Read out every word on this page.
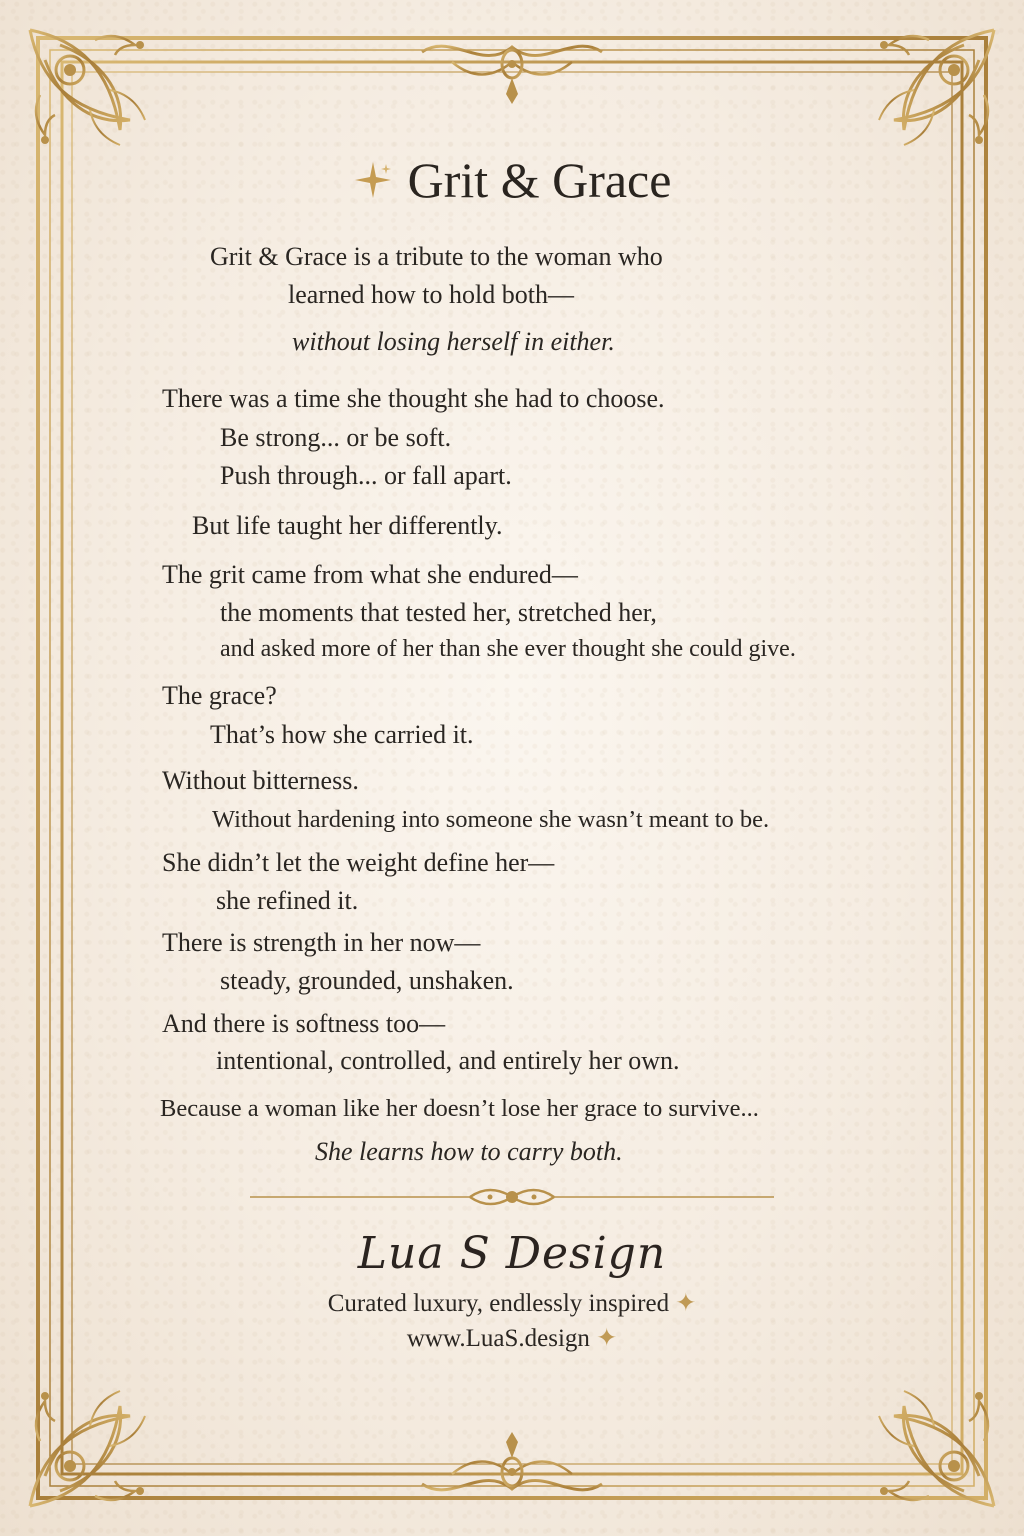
Grit & Grace
Grit & Grace is a tribute to the woman who
learned how to hold both—
without losing herself in either.
There was a time she thought she had to choose.
Be strong... or be soft.
Push through... or fall apart.
But life taught her differently.
The grit came from what she endured—
the moments that tested her, stretched her,
and asked more of her than she ever thought she could give.
The grace?
That’s how she carried it.
Without bitterness.
Without hardening into someone she wasn’t meant to be.
She didn’t let the weight define her—
she refined it.
There is strength in her now—
steady, grounded, unshaken.
And there is softness too—
intentional, controlled, and entirely her own.
Because a woman like her doesn’t lose her grace to survive...
She learns how to carry both.
Lua S Design
Curated luxury, endlessly inspired ✦
www.LuaS.design ✦
